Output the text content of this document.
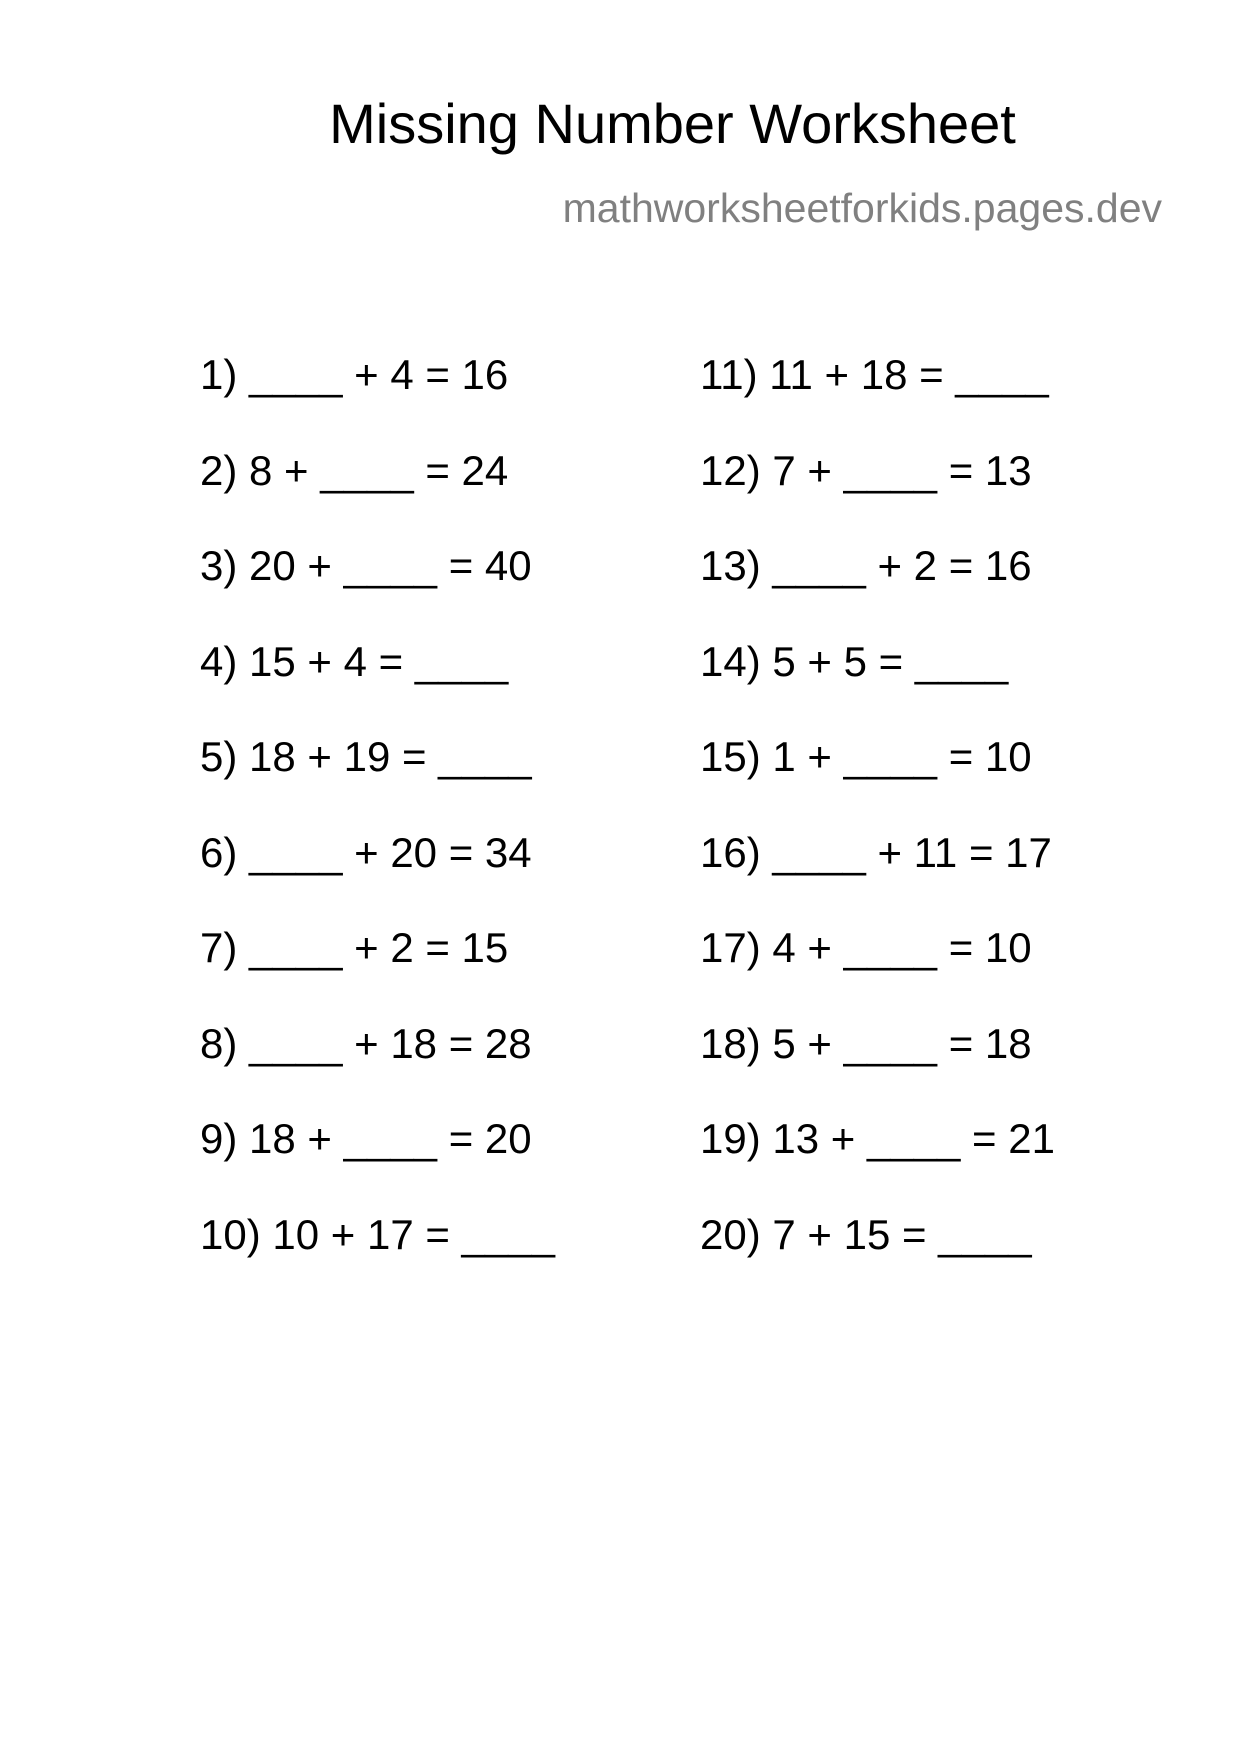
Missing Number Worksheet
mathworksheetforkids.pages.dev
1) ____ + 4 = 16
2) 8 + ____ = 24
3) 20 + ____ = 40
4) 15 + 4 = ____
5) 18 + 19 = ____
6) ____ + 20 = 34
7) ____ + 2 = 15
8) ____ + 18 = 28
9) 18 + ____ = 20
10) 10 + 17 = ____
11) 11 + 18 = ____
12) 7 + ____ = 13
13) ____ + 2 = 16
14) 5 + 5 = ____
15) 1 + ____ = 10
16) ____ + 11 = 17
17) 4 + ____ = 10
18) 5 + ____ = 18
19) 13 + ____ = 21
20) 7 + 15 = ____
